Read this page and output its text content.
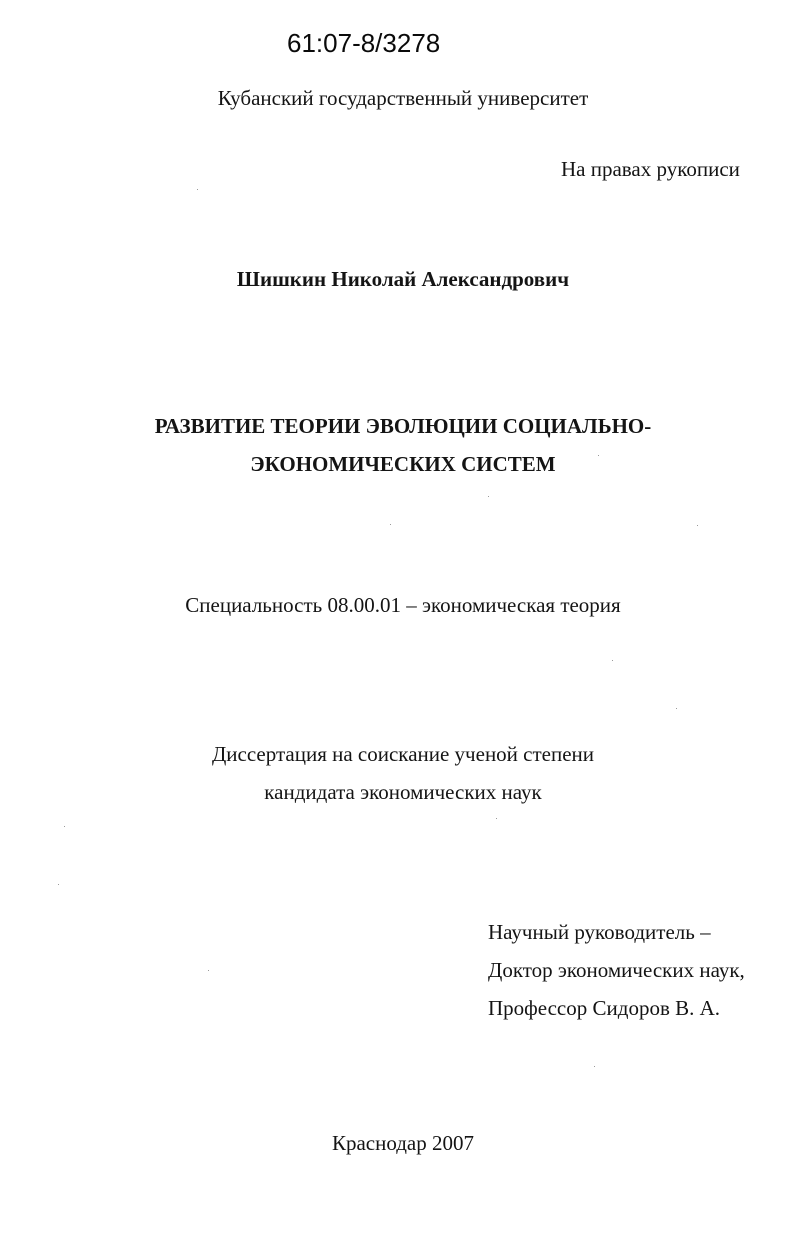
61:07-8/3278
Кубанский государственный университет
На правах рукописи
Шишкин Николай Александрович
РАЗВИТИЕ ТЕОРИИ ЭВОЛЮЦИИ СОЦИАЛЬНО-
ЭКОНОМИЧЕСКИХ СИСТЕМ
Специальность 08.00.01 – экономическая теория
Диссертация на соискание ученой степени
кандидата экономических наук
Научный руководитель –
Доктор экономических наук,
Профессор Сидоров В. А.
Краснодар 2007
